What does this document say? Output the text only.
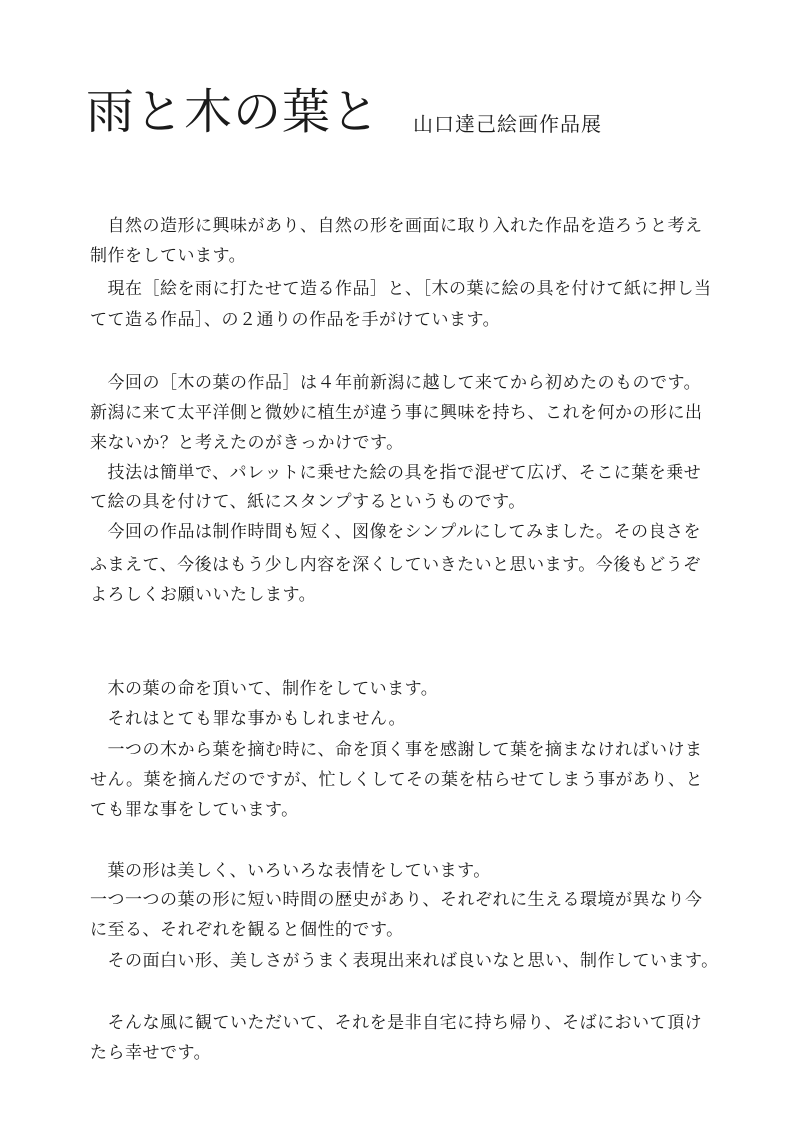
雨と木の葉と 山口達己絵画作品展
　自然の造形に興味があり、自然の形を画面に取り入れた作品を造ろうと考え
制作をしています。
　現在［絵を雨に打たせて造る作品］と、［木の葉に絵の具を付けて紙に押し当
てて造る作品］、の２通りの作品を手がけています。
　今回の［木の葉の作品］は４年前新潟に越して来てから初めたのものです。
新潟に来て太平洋側と微妙に植生が違う事に興味を持ち、これを何かの形に出
来ないか？と考えたのがきっかけです。
　技法は簡単で、パレットに乗せた絵の具を指で混ぜて広げ、そこに葉を乗せ
て絵の具を付けて、紙にスタンプするというものです。
　今回の作品は制作時間も短く、図像をシンプルにしてみました。その良さを
ふまえて、今後はもう少し内容を深くしていきたいと思います。今後もどうぞ
よろしくお願いいたします。
　木の葉の命を頂いて、制作をしています。
　それはとても罪な事かもしれません。
　一つの木から葉を摘む時に、命を頂く事を感謝して葉を摘まなければいけま
せん。葉を摘んだのですが、忙しくしてその葉を枯らせてしまう事があり、と
ても罪な事をしています。
　葉の形は美しく、いろいろな表情をしています。
一つ一つの葉の形に短い時間の歴史があり、それぞれに生える環境が異なり今
に至る、それぞれを観ると個性的です。
　その面白い形、美しさがうまく表現出来れば良いなと思い、制作しています。
　そんな風に観ていただいて、それを是非自宅に持ち帰り、そばにおいて頂け
たら幸せです。
